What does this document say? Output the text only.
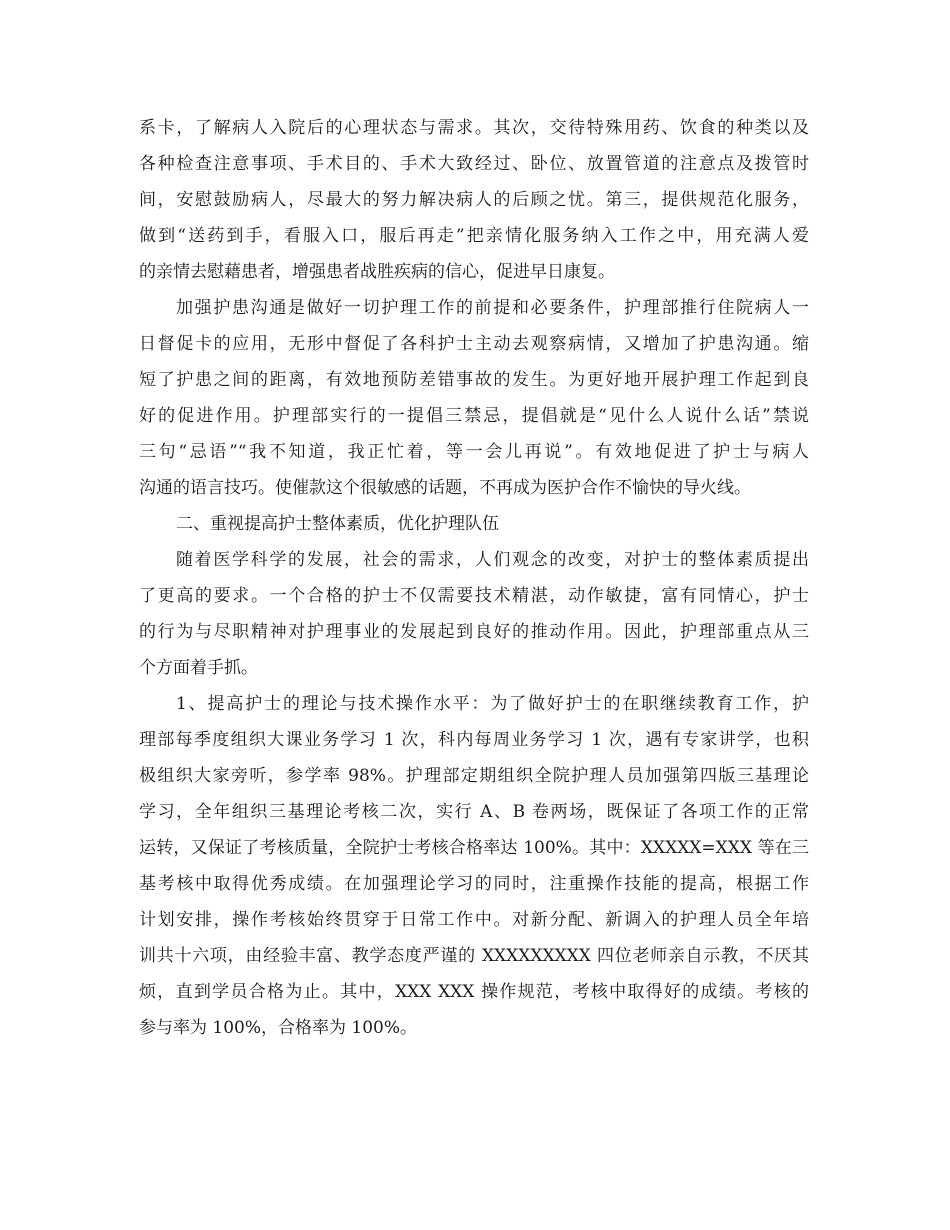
系卡，了解病人入院后的心理状态与需求。其次，交待特殊用药、饮食的种类以及
各种检查注意事项、手术目的、手术大致经过、卧位、放置管道的注意点及拨管时
间，安慰鼓励病人，尽最大的努力解决病人的后顾之忧。第三，提供规范化服务，
做到“送药到手，看服入口，服后再走”把亲情化服务纳入工作之中，用充满人爱
的亲情去慰藉患者，增强患者战胜疾病的信心，促进早日康复。
加强护患沟通是做好一切护理工作的前提和必要条件，护理部推行住院病人一
日督促卡的应用，无形中督促了各科护士主动去观察病情，又增加了护患沟通。缩
短了护患之间的距离，有效地预防差错事故的发生。为更好地开展护理工作起到良
好的促进作用。护理部实行的一提倡三禁忌，提倡就是“见什么人说什么话”禁说
三句“忌语”“我不知道，我正忙着，等一会儿再说”。有效地促进了护士与病人
沟通的语言技巧。使催款这个很敏感的话题，不再成为医护合作不愉快的导火线。
二、重视提高护士整体素质，优化护理队伍
随着医学科学的发展，社会的需求，人们观念的改变，对护士的整体素质提出
了更高的要求。一个合格的护士不仅需要技术精湛，动作敏捷，富有同情心，护士
的行为与尽职精神对护理事业的发展起到良好的推动作用。因此，护理部重点从三
个方面着手抓。
1、提高护士的理论与技术操作水平：为了做好护士的在职继续教育工作，护
理部每季度组织大课业务学习 1 次，科内每周业务学习 1 次，遇有专家讲学，也积
极组织大家旁听，参学率 98%。护理部定期组织全院护理人员加强第四版三基理论
学习，全年组织三基理论考核二次，实行 A、B 卷两场，既保证了各项工作的正常
运转，又保证了考核质量，全院护士考核合格率达 100%。其中：XXXXX=XXX 等在三
基考核中取得优秀成绩。在加强理论学习的同时，注重操作技能的提高，根据工作
计划安排，操作考核始终贯穿于日常工作中。对新分配、新调入的护理人员全年培
训共十六项，由经验丰富、教学态度严谨的 XXXXXXXXX 四位老师亲自示教，不厌其
烦，直到学员合格为止。其中，XXX XXX 操作规范，考核中取得好的成绩。考核的
参与率为 100%，合格率为 100%。
